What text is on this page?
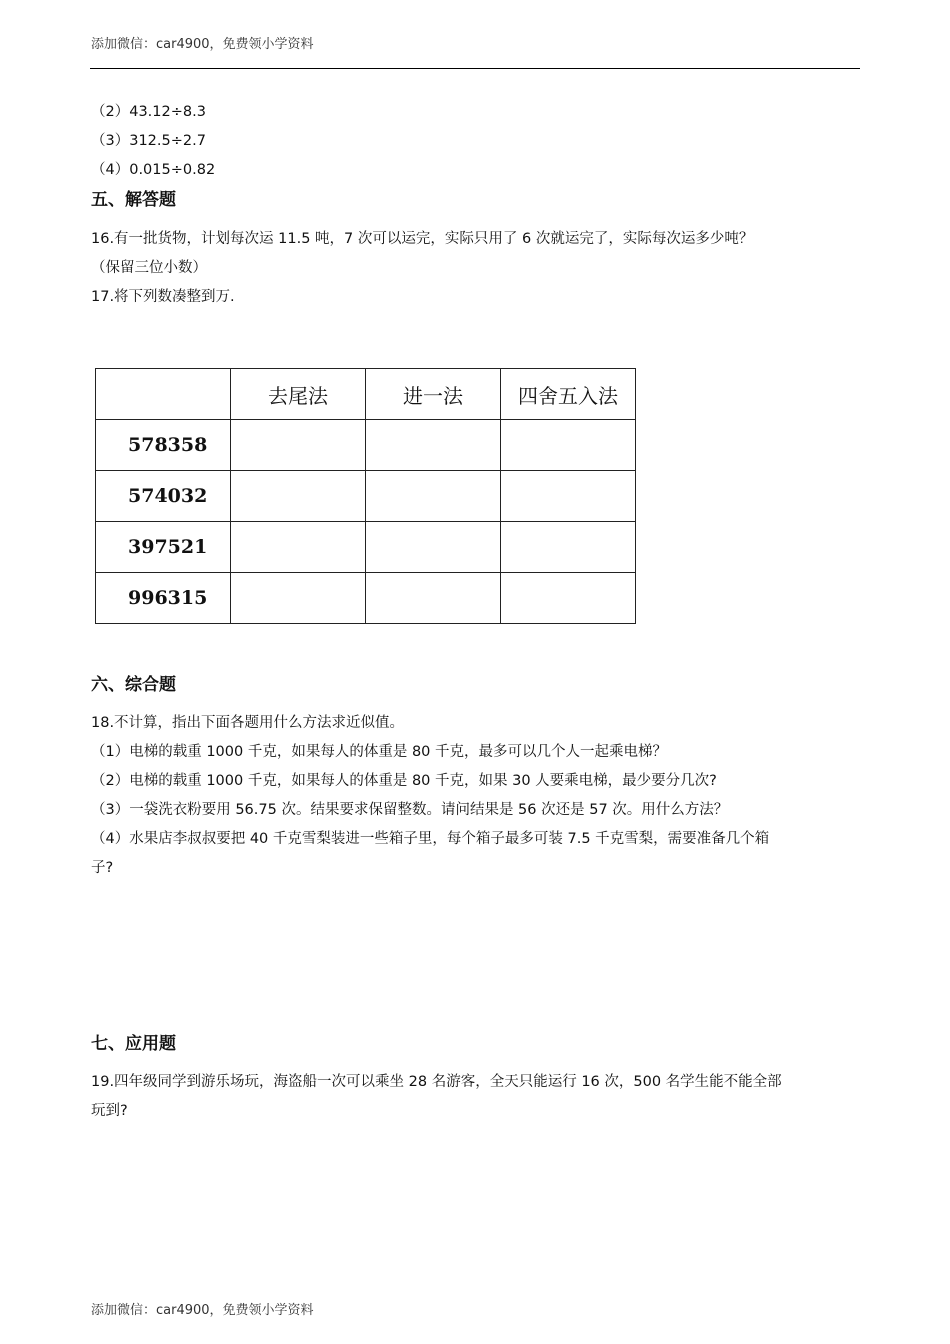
添加微信：car4900，免费领小学资料
（2）43.12÷8.3
（3）312.5÷2.7
（4）0.015÷0.82
五、解答题
16.有一批货物，计划每次运 11.5 吨，7 次可以运完，实际只用了 6 次就运完了，实际每次运多少吨？
（保留三位小数）
17.将下列数凑整到万.
	去尾法	进一法	四舍五入法
578358			
574032			
397521			
996315			
六、综合题
18.不计算，指出下面各题用什么方法求近似值。
（1）电梯的载重 1000 千克，如果每人的体重是 80 千克，最多可以几个人一起乘电梯？
（2）电梯的载重 1000 千克，如果每人的体重是 80 千克，如果 30 人要乘电梯，最少要分几次?
（3）一袋洗衣粉要用 56.75 次。结果要求保留整数。请问结果是 56 次还是 57 次。用什么方法？
（4）水果店李叔叔要把 40 千克雪梨装进一些箱子里，每个箱子最多可装 7.5 千克雪梨，需要准备几个箱
子?
七、应用题
19.四年级同学到游乐场玩，海盗船一次可以乘坐 28 名游客，全天只能运行 16 次，500 名学生能不能全部
玩到?
添加微信：car4900，免费领小学资料
